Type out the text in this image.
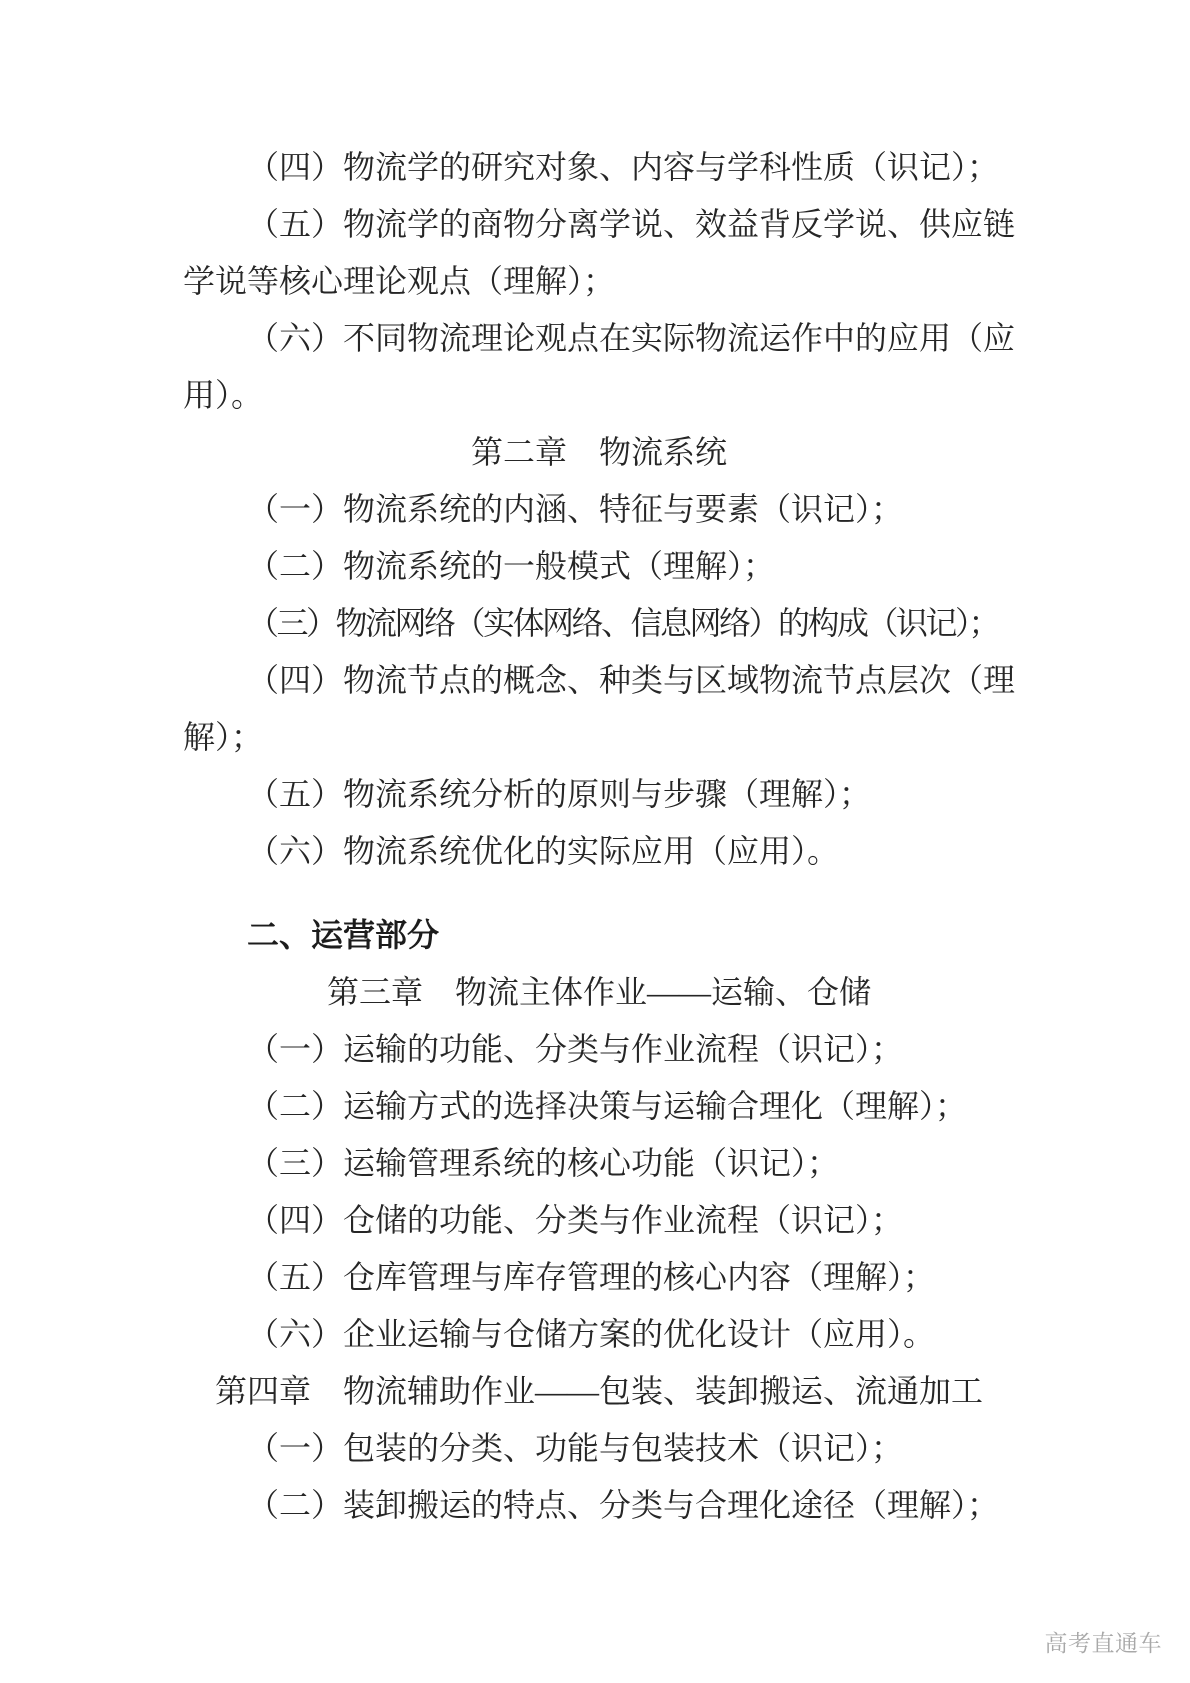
（四）物流学的研究对象、内容与学科性质（识记）；
（五）物流学的商物分离学说、效益背反学说、供应链
学说等核心理论观点（理解）；
（六）不同物流理论观点在实际物流运作中的应用（应
用）。
第二章　物流系统
（一）物流系统的内涵、特征与要素（识记）；
（二）物流系统的一般模式（理解）；
（三）物流网络（实体网络、信息网络）的构成（识记）；
（四）物流节点的概念、种类与区域物流节点层次（理
解）；
（五）物流系统分析的原则与步骤（理解）；
（六）物流系统优化的实际应用（应用）。
二、运营部分
第三章　物流主体作业——运输、仓储
（一）运输的功能、分类与作业流程（识记）；
（二）运输方式的选择决策与运输合理化（理解）；
（三）运输管理系统的核心功能（识记）；
（四）仓储的功能、分类与作业流程（识记）；
（五）仓库管理与库存管理的核心内容（理解）；
（六）企业运输与仓储方案的优化设计（应用）。
第四章　物流辅助作业——包装、装卸搬运、流通加工
（一）包装的分类、功能与包装技术（识记）；
（二）装卸搬运的特点、分类与合理化途径（理解）；
高考直通车
